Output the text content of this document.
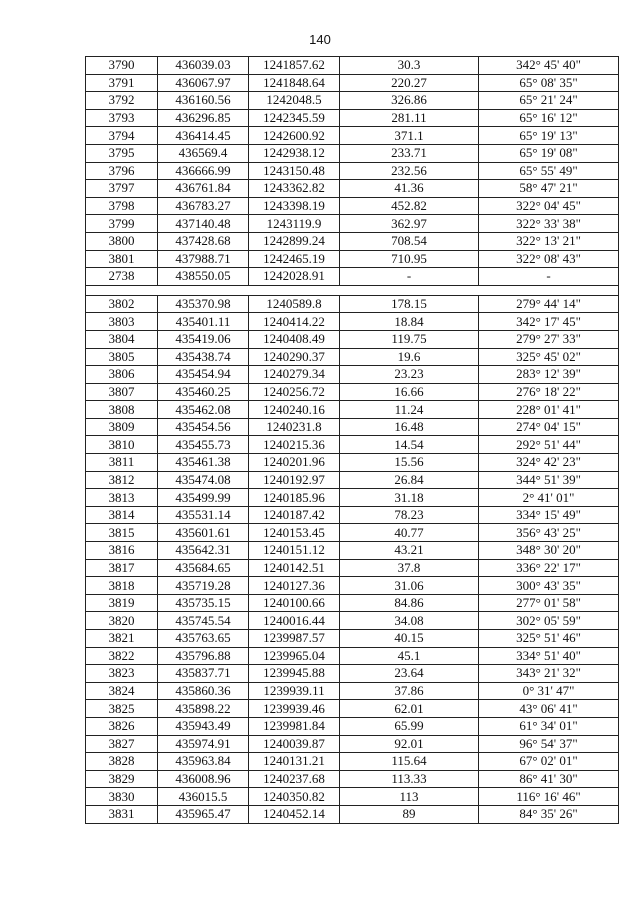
140
3790	436039.03	1241857.62	30.3	342° 45' 40"
3791	436067.97	1241848.64	220.27	65° 08' 35"
3792	436160.56	1242048.5	326.86	65° 21' 24"
3793	436296.85	1242345.59	281.11	65° 16' 12"
3794	436414.45	1242600.92	371.1	65° 19' 13"
3795	436569.4	1242938.12	233.71	65° 19' 08"
3796	436666.99	1243150.48	232.56	65° 55' 49"
3797	436761.84	1243362.82	41.36	58° 47' 21"
3798	436783.27	1243398.19	452.82	322° 04' 45"
3799	437140.48	1243119.9	362.97	322° 33' 38"
3800	437428.68	1242899.24	708.54	322° 13' 21"
3801	437988.71	1242465.19	710.95	322° 08' 43"
2738	438550.05	1242028.91	-	-

3802	435370.98	1240589.8	178.15	279° 44' 14"
3803	435401.11	1240414.22	18.84	342° 17' 45"
3804	435419.06	1240408.49	119.75	279° 27' 33"
3805	435438.74	1240290.37	19.6	325° 45' 02"
3806	435454.94	1240279.34	23.23	283° 12' 39"
3807	435460.25	1240256.72	16.66	276° 18' 22"
3808	435462.08	1240240.16	11.24	228° 01' 41"
3809	435454.56	1240231.8	16.48	274° 04' 15"
3810	435455.73	1240215.36	14.54	292° 51' 44"
3811	435461.38	1240201.96	15.56	324° 42' 23"
3812	435474.08	1240192.97	26.84	344° 51' 39"
3813	435499.99	1240185.96	31.18	2° 41' 01"
3814	435531.14	1240187.42	78.23	334° 15' 49"
3815	435601.61	1240153.45	40.77	356° 43' 25"
3816	435642.31	1240151.12	43.21	348° 30' 20"
3817	435684.65	1240142.51	37.8	336° 22' 17"
3818	435719.28	1240127.36	31.06	300° 43' 35"
3819	435735.15	1240100.66	84.86	277° 01' 58"
3820	435745.54	1240016.44	34.08	302° 05' 59"
3821	435763.65	1239987.57	40.15	325° 51' 46"
3822	435796.88	1239965.04	45.1	334° 51' 40"
3823	435837.71	1239945.88	23.64	343° 21' 32"
3824	435860.36	1239939.11	37.86	0° 31' 47"
3825	435898.22	1239939.46	62.01	43° 06' 41"
3826	435943.49	1239981.84	65.99	61° 34' 01"
3827	435974.91	1240039.87	92.01	96° 54' 37"
3828	435963.84	1240131.21	115.64	67° 02' 01"
3829	436008.96	1240237.68	113.33	86° 41' 30"
3830	436015.5	1240350.82	113	116° 16' 46"
3831	435965.47	1240452.14	89	84° 35' 26"
